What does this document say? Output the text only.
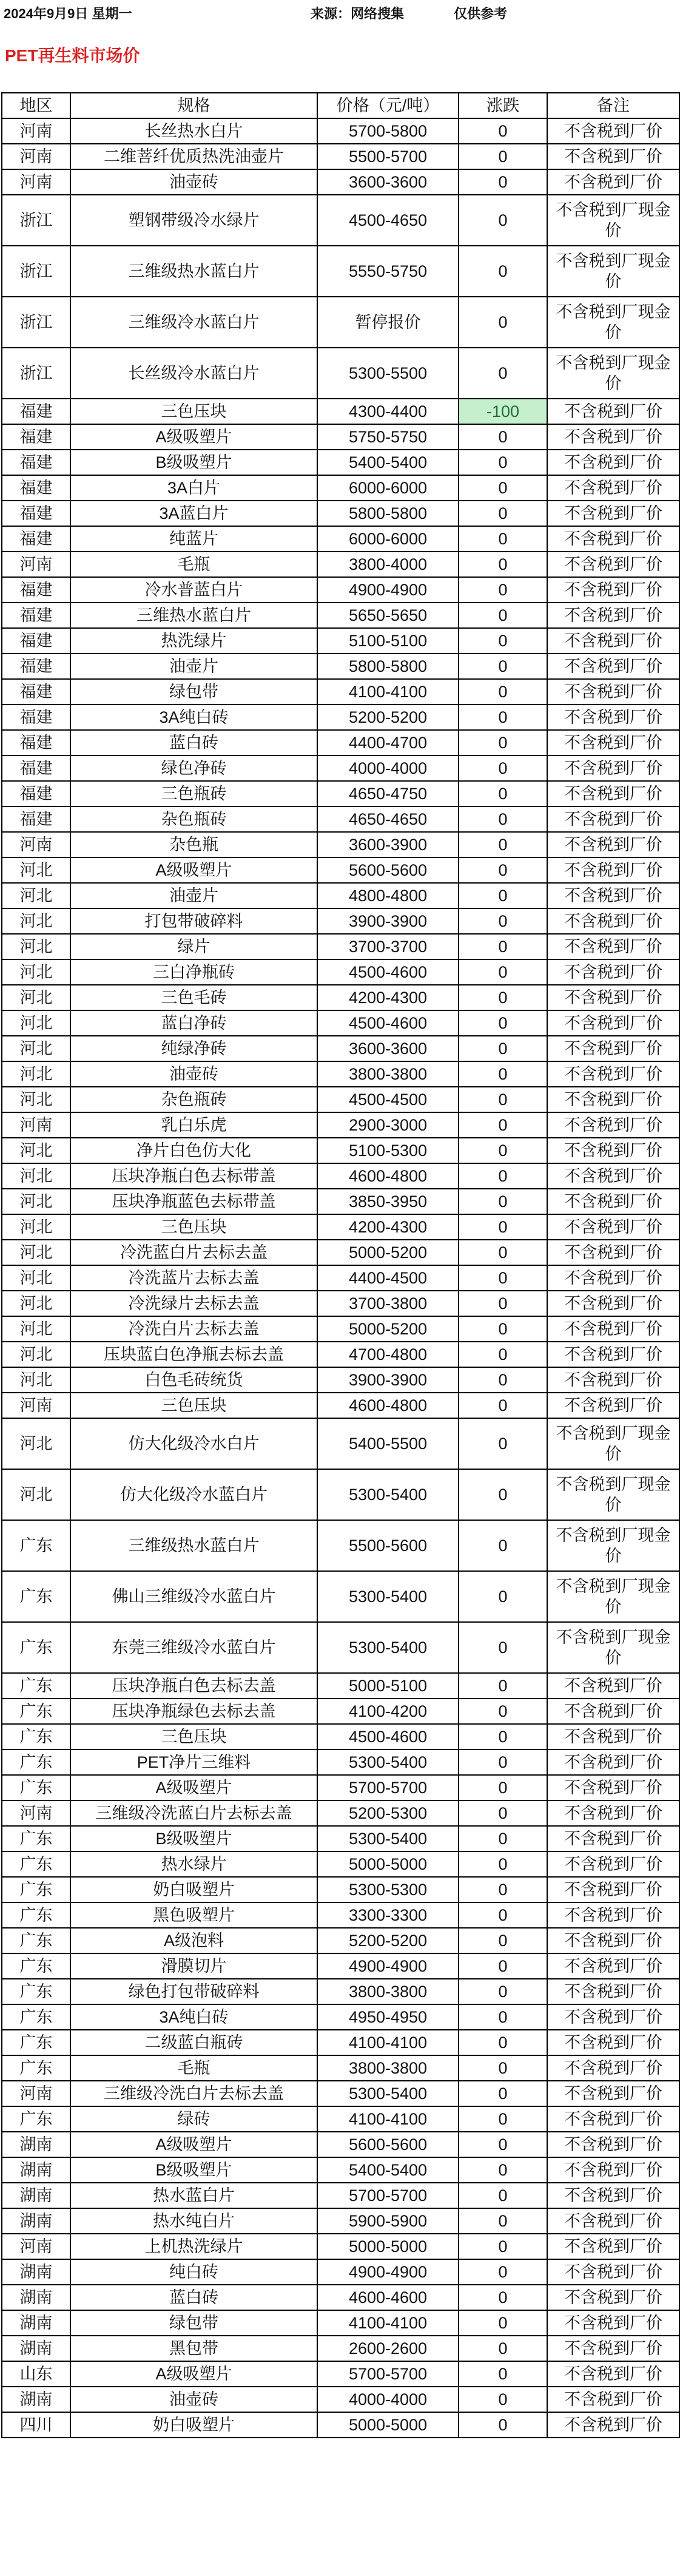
2024年9月9日 星期一	来源：网络搜集	仅供参考
PET再生料市场价
地区	规格	价格（元/吨）	涨跌	备注
河南	长丝热水白片	5700-5800	0	不含税到厂价
河南	二维菩纤优质热洗油壶片	5500-5700	0	不含税到厂价
河南	油壶砖	3600-3600	0	不含税到厂价
浙江	塑钢带级冷水绿片	4500-4650	0	不含税到厂现金价
浙江	三维级热水蓝白片	5550-5750	0	不含税到厂现金价
浙江	三维级冷水蓝白片	暂停报价	0	不含税到厂现金价
浙江	长丝级冷水蓝白片	5300-5500	0	不含税到厂现金价
福建	三色压块	4300-4400	-100	不含税到厂价
福建	A级吸塑片	5750-5750	0	不含税到厂价
福建	B级吸塑片	5400-5400	0	不含税到厂价
福建	3A白片	6000-6000	0	不含税到厂价
福建	3A蓝白片	5800-5800	0	不含税到厂价
福建	纯蓝片	6000-6000	0	不含税到厂价
河南	毛瓶	3800-4000	0	不含税到厂价
福建	冷水普蓝白片	4900-4900	0	不含税到厂价
福建	三维热水蓝白片	5650-5650	0	不含税到厂价
福建	热洗绿片	5100-5100	0	不含税到厂价
福建	油壶片	5800-5800	0	不含税到厂价
福建	绿包带	4100-4100	0	不含税到厂价
福建	3A纯白砖	5200-5200	0	不含税到厂价
福建	蓝白砖	4400-4700	0	不含税到厂价
福建	绿色净砖	4000-4000	0	不含税到厂价
福建	三色瓶砖	4650-4750	0	不含税到厂价
福建	杂色瓶砖	4650-4650	0	不含税到厂价
河南	杂色瓶	3600-3900	0	不含税到厂价
河北	A级吸塑片	5600-5600	0	不含税到厂价
河北	油壶片	4800-4800	0	不含税到厂价
河北	打包带破碎料	3900-3900	0	不含税到厂价
河北	绿片	3700-3700	0	不含税到厂价
河北	三白净瓶砖	4500-4600	0	不含税到厂价
河北	三色毛砖	4200-4300	0	不含税到厂价
河北	蓝白净砖	4500-4600	0	不含税到厂价
河北	纯绿净砖	3600-3600	0	不含税到厂价
河北	油壶砖	3800-3800	0	不含税到厂价
河北	杂色瓶砖	4500-4500	0	不含税到厂价
河南	乳白乐虎	2900-3000	0	不含税到厂价
河北	净片白色仿大化	5100-5300	0	不含税到厂价
河北	压块净瓶白色去标带盖	4600-4800	0	不含税到厂价
河北	压块净瓶蓝色去标带盖	3850-3950	0	不含税到厂价
河北	三色压块	4200-4300	0	不含税到厂价
河北	冷洗蓝白片去标去盖	5000-5200	0	不含税到厂价
河北	冷洗蓝片去标去盖	4400-4500	0	不含税到厂价
河北	冷洗绿片去标去盖	3700-3800	0	不含税到厂价
河北	冷洗白片去标去盖	5000-5200	0	不含税到厂价
河北	压块蓝白色净瓶去标去盖	4700-4800	0	不含税到厂价
河北	白色毛砖统货	3900-3900	0	不含税到厂价
河南	三色压块	4600-4800	0	不含税到厂价
河北	仿大化级冷水白片	5400-5500	0	不含税到厂现金价
河北	仿大化级冷水蓝白片	5300-5400	0	不含税到厂现金价
广东	三维级热水蓝白片	5500-5600	0	不含税到厂现金价
广东	佛山三维级冷水蓝白片	5300-5400	0	不含税到厂现金价
广东	东莞三维级冷水蓝白片	5300-5400	0	不含税到厂现金价
广东	压块净瓶白色去标去盖	5000-5100	0	不含税到厂价
广东	压块净瓶绿色去标去盖	4100-4200	0	不含税到厂价
广东	三色压块	4500-4600	0	不含税到厂价
广东	PET净片三维料	5300-5400	0	不含税到厂价
广东	A级吸塑片	5700-5700	0	不含税到厂价
河南	三维级冷洗蓝白片去标去盖	5200-5300	0	不含税到厂价
广东	B级吸塑片	5300-5400	0	不含税到厂价
广东	热水绿片	5000-5000	0	不含税到厂价
广东	奶白吸塑片	5300-5300	0	不含税到厂价
广东	黑色吸塑片	3300-3300	0	不含税到厂价
广东	A级泡料	5200-5200	0	不含税到厂价
广东	滑膜切片	4900-4900	0	不含税到厂价
广东	绿色打包带破碎料	3800-3800	0	不含税到厂价
广东	3A纯白砖	4950-4950	0	不含税到厂价
广东	二级蓝白瓶砖	4100-4100	0	不含税到厂价
广东	毛瓶	3800-3800	0	不含税到厂价
河南	三维级冷洗白片去标去盖	5300-5400	0	不含税到厂价
广东	绿砖	4100-4100	0	不含税到厂价
湖南	A级吸塑片	5600-5600	0	不含税到厂价
湖南	B级吸塑片	5400-5400	0	不含税到厂价
湖南	热水蓝白片	5700-5700	0	不含税到厂价
湖南	热水纯白片	5900-5900	0	不含税到厂价
河南	上机热洗绿片	5000-5000	0	不含税到厂价
湖南	纯白砖	4900-4900	0	不含税到厂价
湖南	蓝白砖	4600-4600	0	不含税到厂价
湖南	绿包带	4100-4100	0	不含税到厂价
湖南	黑包带	2600-2600	0	不含税到厂价
山东	A级吸塑片	5700-5700	0	不含税到厂价
湖南	油壶砖	4000-4000	0	不含税到厂价
四川	奶白吸塑片	5000-5000	0	不含税到厂价
